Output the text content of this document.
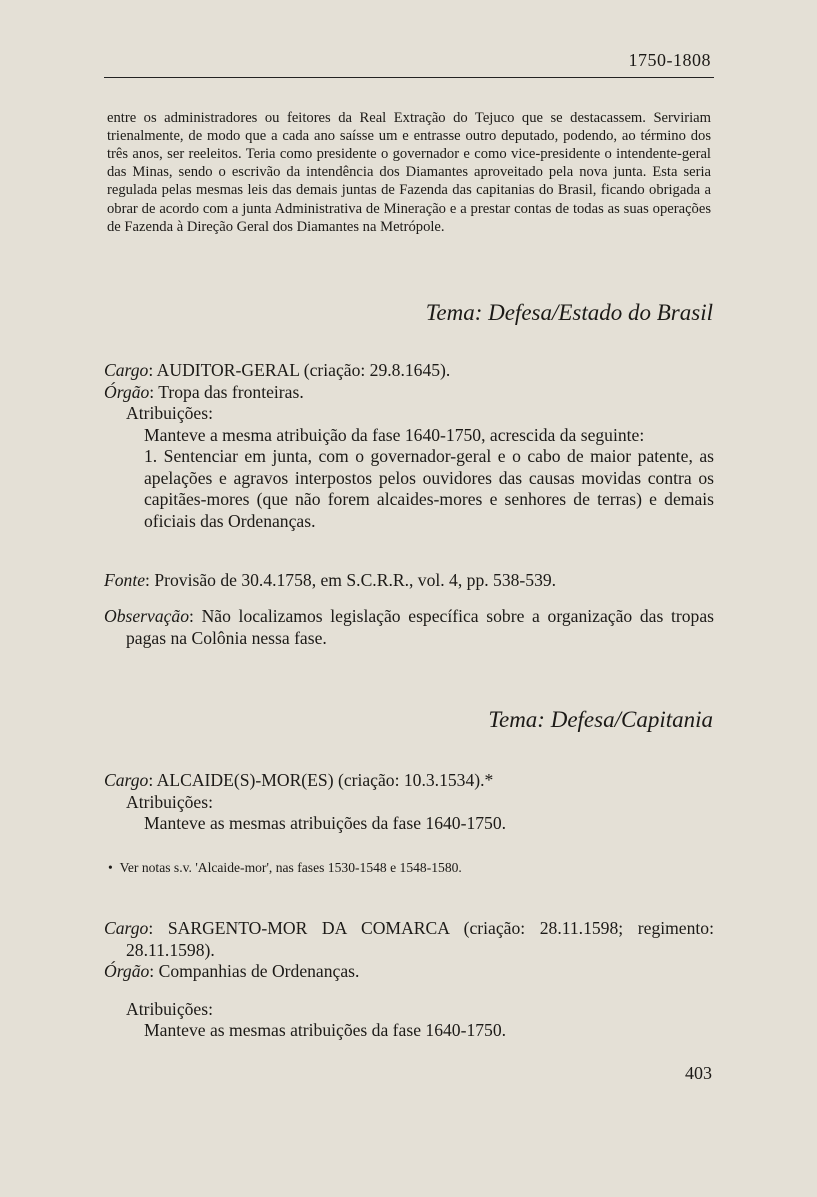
1750-1808

entre os administradores ou feitores da Real Extração do Tejuco que se destacassem. Serviriam trienalmente, de modo que a cada ano saísse um e entrasse outro deputado, podendo, ao término dos três anos, ser reeleitos. Teria como presidente o governador e como vice-presidente o intendente-geral das Minas, sendo o escrivão da intendência dos Diamantes aproveitado pela nova junta. Esta seria regulada pelas mesmas leis das demais juntas de Fazenda das capitanias do Brasil, ficando obrigada a obrar de acordo com a junta Administrativa de Mineração e a prestar contas de todas as suas operações de Fazenda à Direção Geral dos Diamantes na Metrópole.

Tema: Defesa/Estado do Brasil

Cargo: AUDITOR-GERAL (criação: 29.8.1645).

Órgão: Tropa das fronteiras.

Atribuições:

Manteve a mesma atribuição da fase 1640-1750, acrescida da seguinte:

1. Sentenciar em junta, com o governador-geral e o cabo de maior patente, as apelações e agravos interpostos pelos ouvidores das causas movidas contra os capitães-mores (que não forem alcaides-mores e senhores de terras) e demais oficiais das Ordenanças.

Fonte: Provisão de 30.4.1758, em S.C.R.R., vol. 4, pp. 538-539.

Observação: Não localizamos legislação específica sobre a organização das tropas pagas na Colônia nessa fase.

Tema: Defesa/Capitania

Cargo: ALCAIDE(S)-MOR(ES) (criação: 10.3.1534).*

Atribuições:

Manteve as mesmas atribuições da fase 1640-1750.

• Ver notas s.v. 'Alcaide-mor', nas fases 1530-1548 e 1548-1580.

Cargo: SARGENTO-MOR DA COMARCA (criação: 28.11.1598; regimento: 28.11.1598).

Órgão: Companhias de Ordenanças.

Atribuições:

Manteve as mesmas atribuições da fase 1640-1750.

403
